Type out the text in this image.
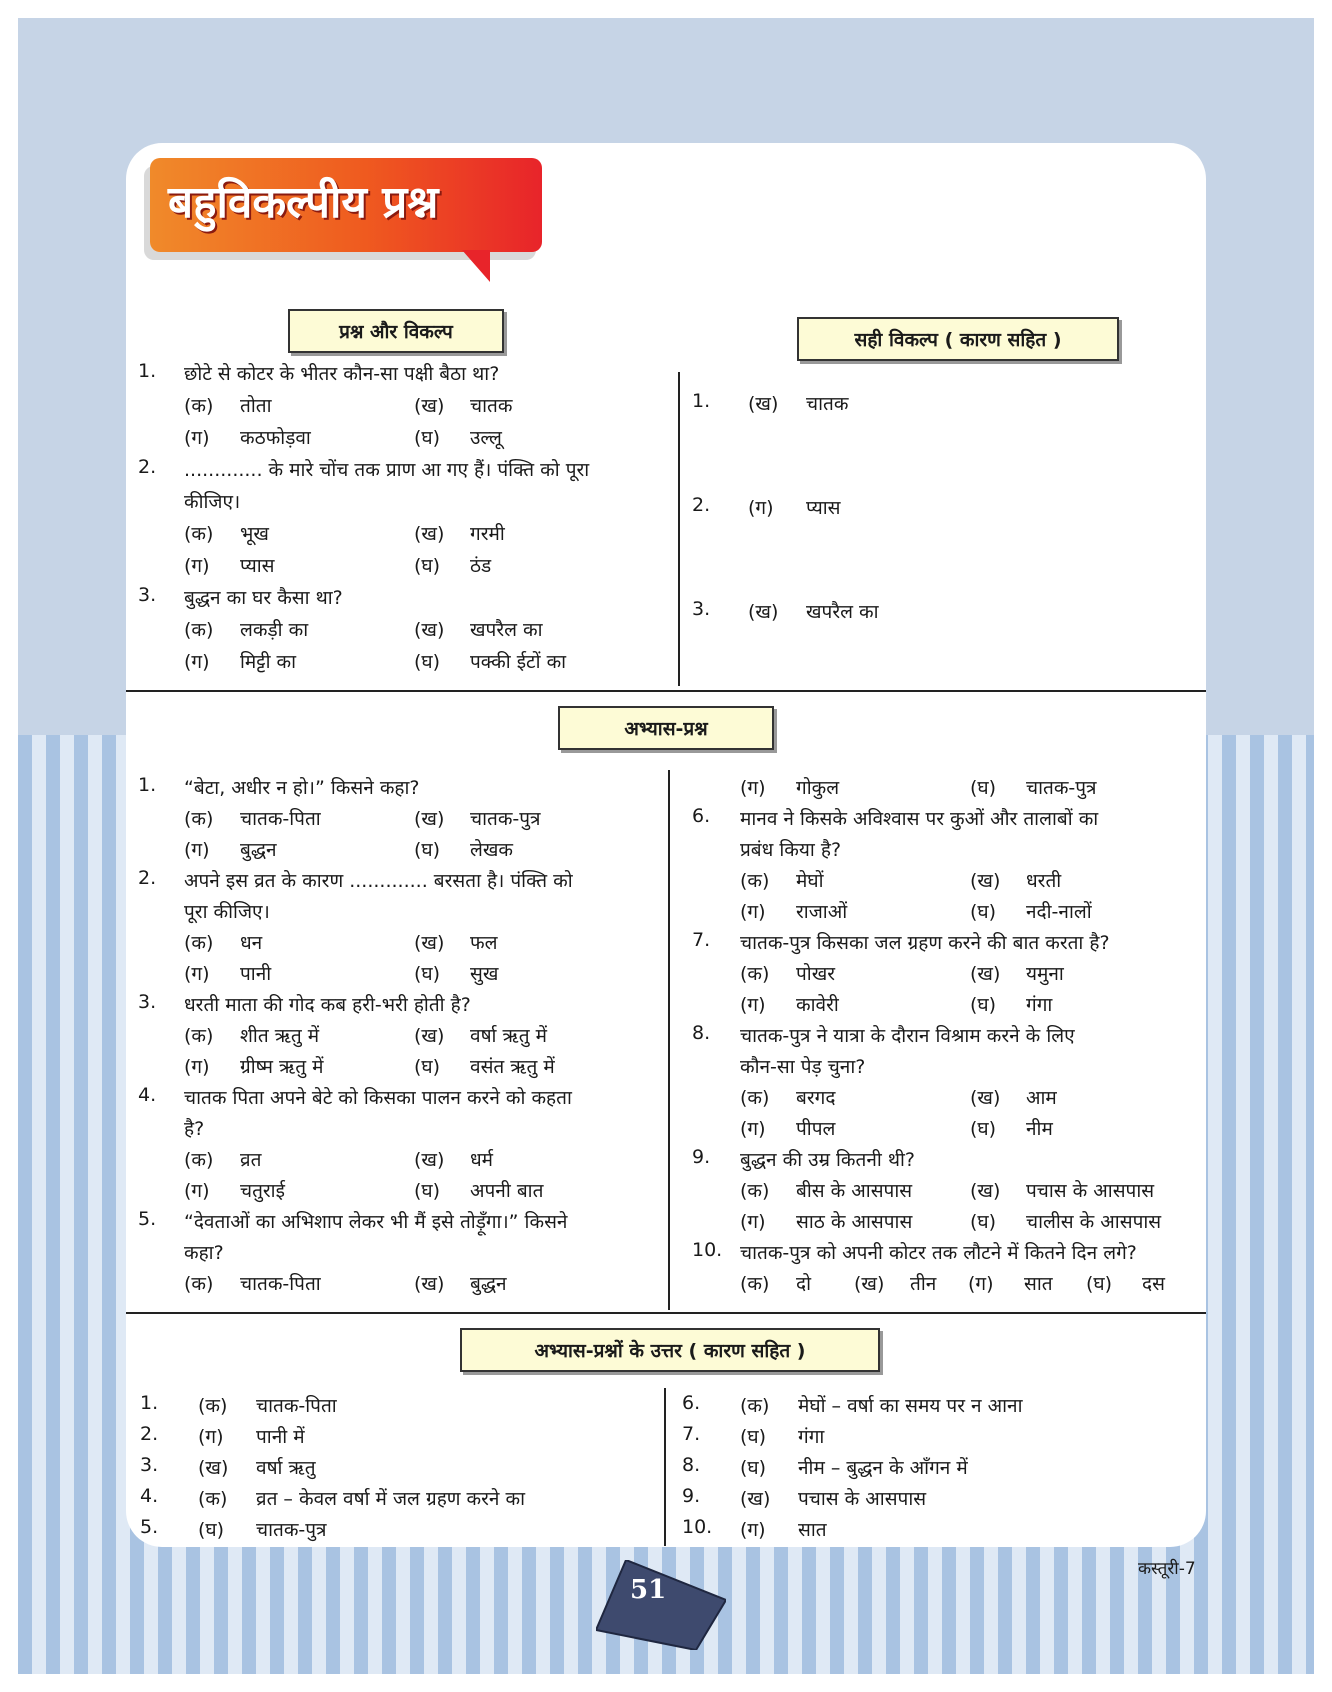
बहुविकल्पीय प्रश्न
प्रश्न और विकल्प	सही विकल्प ( कारण सहित )
1. छोटे से कोटर के भीतर कौन-सा पक्षी बैठा था?
(क) तोता	(ख) चातक
(ग) कठफोड़वा	(घ) उल्लू
2. ............. के मारे चोंच तक प्राण आ गए हैं। पंक्ति को पूरा
कीजिए।
(क) भूख	(ख) गरमी
(ग) प्यास	(घ) ठंड
3. बुद्धन का घर कैसा था?
(क) लकड़ी का	(ख) खपरैल का
(ग) मिट्टी का	(घ) पक्की ईटों का
1. (ख) चातक
2. (ग) प्यास
3. (ख) खपरैल का
अभ्यास-प्रश्न
1. “बेटा, अधीर न हो।” किसने कहा?
(क) चातक-पिता	(ख) चातक-पुत्र
(ग) बुद्धन	(घ) लेखक
2. अपने इस व्रत के कारण ............. बरसता है। पंक्ति को
पूरा कीजिए।
(क) धन	(ख) फल
(ग) पानी	(घ) सुख
3. धरती माता की गोद कब हरी-भरी होती है?
(क) शीत ऋतु में	(ख) वर्षा ऋतु में
(ग) ग्रीष्म ऋतु में	(घ) वसंत ऋतु में
4. चातक पिता अपने बेटे को किसका पालन करने को कहता
है?
(क) व्रत	(ख) धर्म
(ग) चतुराई	(घ) अपनी बात
5. “देवताओं का अभिशाप लेकर भी मैं इसे तोड़ूँगा।” किसने
कहा?
(क) चातक-पिता	(ख) बुद्धन
(ग) गोकुल	(घ) चातक-पुत्र
6. मानव ने किसके अविश्वास पर कुओं और तालाबों का
प्रबंध किया है?
(क) मेघों	(ख) धरती
(ग) राजाओं	(घ) नदी-नालों
7. चातक-पुत्र किसका जल ग्रहण करने की बात करता है?
(क) पोखर	(ख) यमुना
(ग) कावेरी	(घ) गंगा
8. चातक-पुत्र ने यात्रा के दौरान विश्राम करने के लिए
कौन-सा पेड़ चुना?
(क) बरगद	(ख) आम
(ग) पीपल	(घ) नीम
9. बुद्धन की उम्र कितनी थी?
(क) बीस के आसपास	(ख) पचास के आसपास
(ग) साठ के आसपास	(घ) चालीस के आसपास
10. चातक-पुत्र को अपनी कोटर तक लौटने में कितने दिन लगे?
(क) दो (ख) तीन (ग) सात (घ) दस
अभ्यास-प्रश्नों के उत्तर ( कारण सहित )
1. (क) चातक-पिता
2. (ग) पानी में
3. (ख) वर्षा ऋतु
4. (क) व्रत – केवल वर्षा में जल ग्रहण करने का
5. (घ) चातक-पुत्र
6. (क) मेघों – वर्षा का समय पर न आना
7. (घ) गंगा
8. (घ) नीम – बुद्धन के आँगन में
9. (ख) पचास के आसपास
10. (ग) सात
51
कस्तूरी-7
